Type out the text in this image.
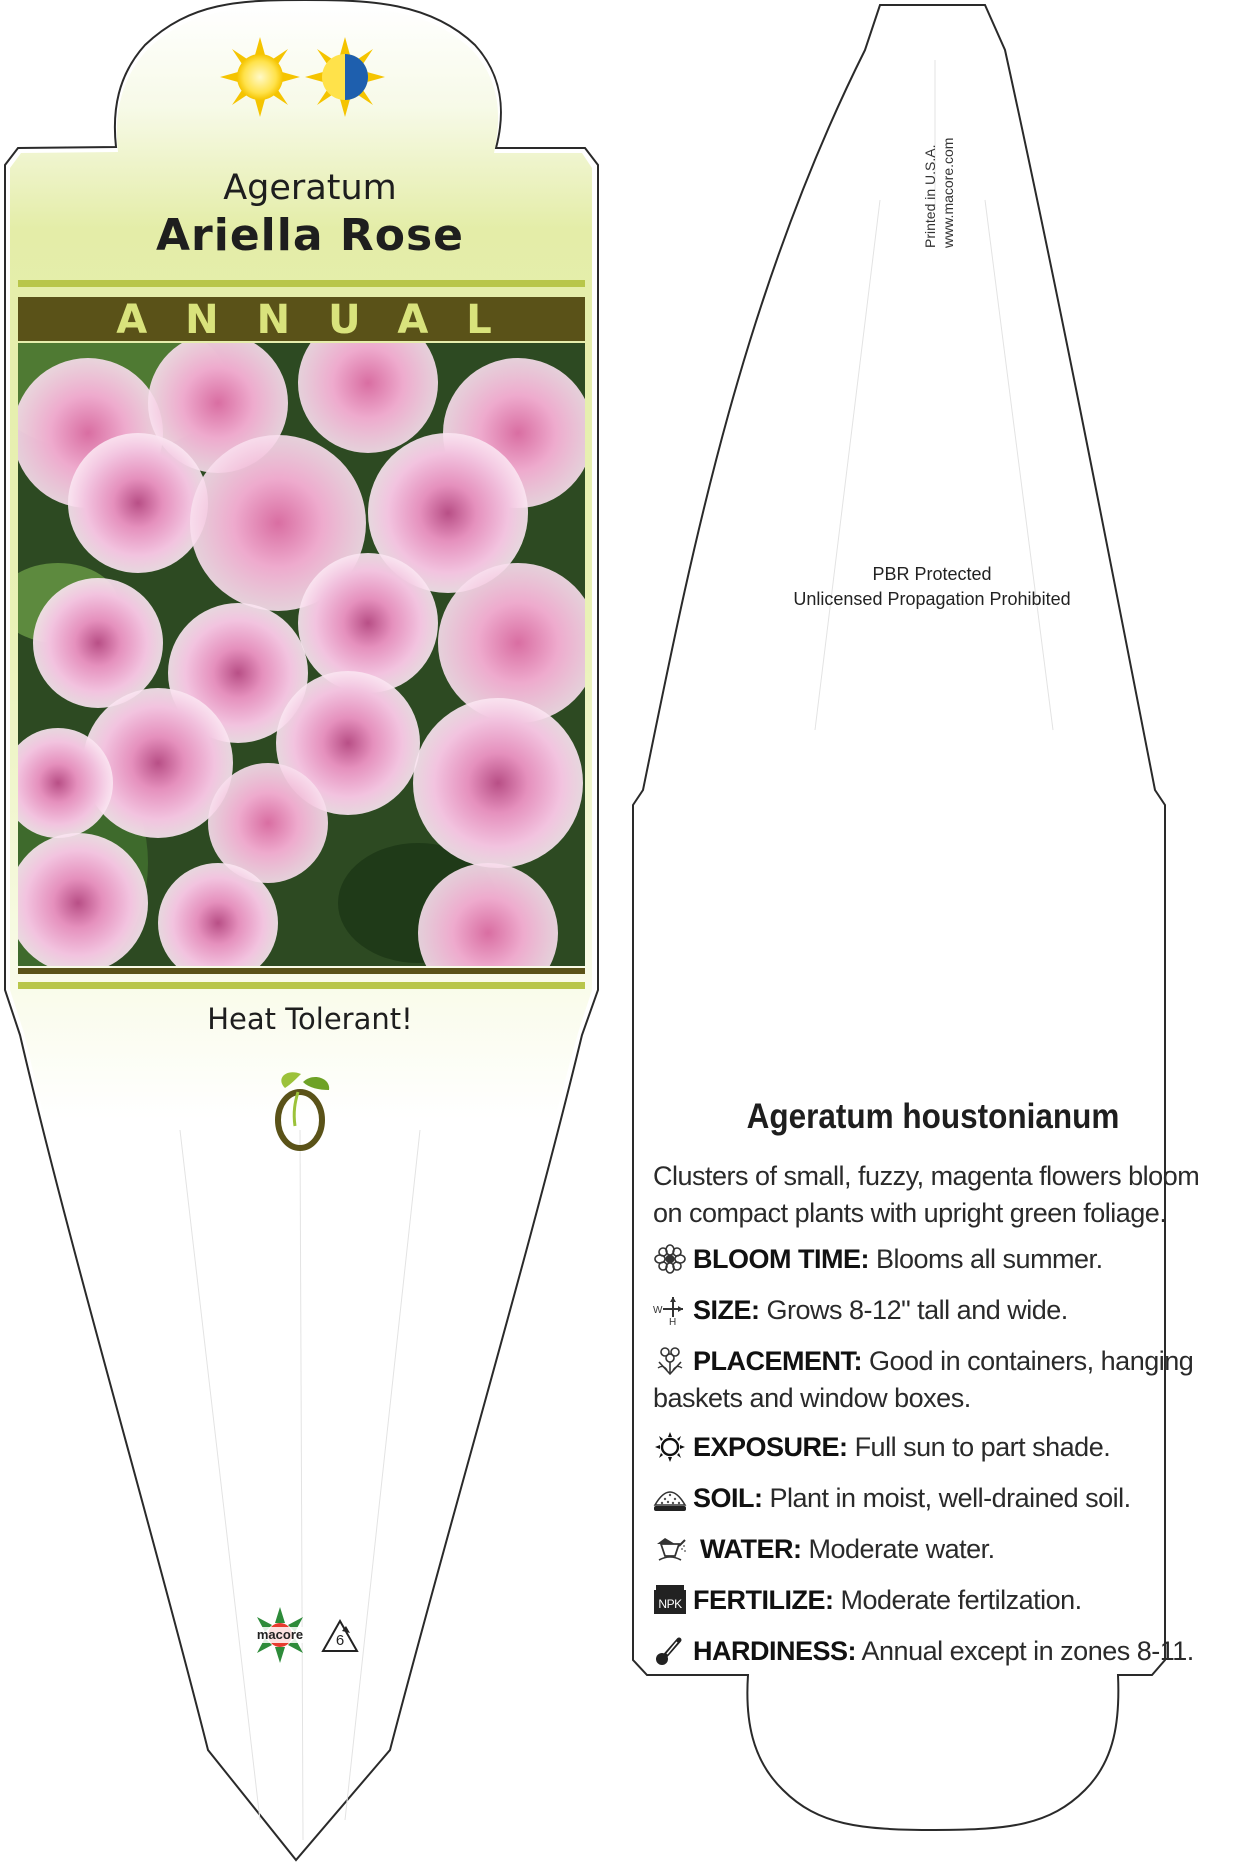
Ageratum
Ariella Rose
ANNUAL
Heat Tolerant!
macore	6
Printed in U.S.A. www.macore.com
PBR Protected
Unlicensed Propagation Prohibited
Ageratum houstonianum
Clusters of small, fuzzy, magenta flowers bloom on compact plants with upright green foliage.
BLOOM TIME: Blooms all summer.
W
H SIZE: Grows 8-12" tall and wide.
PLACEMENT: Good in containers, hanging baskets and window boxes.
EXPOSURE: Full sun to part shade.
SOIL: Plant in moist, well-drained soil.
WATER: Moderate water.
NPK FERTILIZE: Moderate fertilzation.
HARDINESS: Annual except in zones 8-11.
